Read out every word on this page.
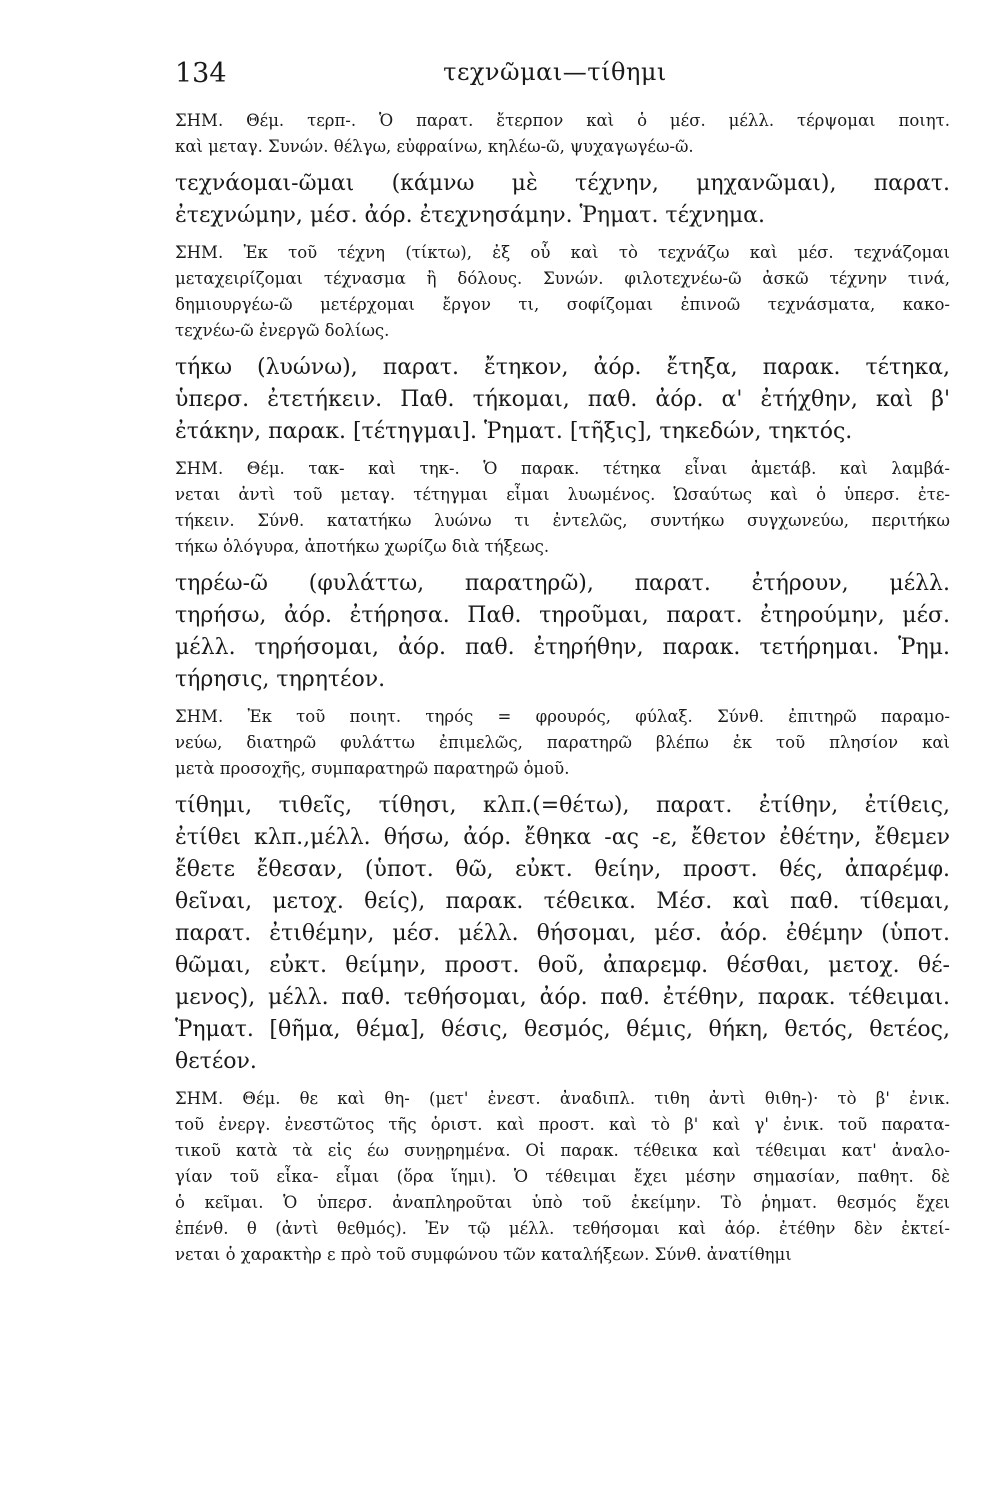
134	τεχνῶμαι—τίθημι
ΣΗΜ. Θέμ. τερπ-. Ὁ παρατ. ἔτερπον καὶ ὁ μέσ. μέλλ. τέρψομαι ποιητ.
καὶ μεταγ. Συνών. θέλγω, εὐφραίνω, κηλέω-ῶ, ψυχαγωγέω-ῶ.
τεχνάομαι-ῶμαι (κάμνω μὲ τέχνην, μηχανῶμαι), παρατ.
ἐτεχνώμην, μέσ. ἀόρ. ἐτεχνησάμην. Ῥηματ. τέχνημα.
ΣΗΜ. Ἐκ τοῦ τέχνη (τίκτω), ἐξ οὗ καὶ τὸ τεχνάζω καὶ μέσ. τεχνάζομαι
μεταχειρίζομαι τέχνασμα ἢ δόλους. Συνών. φιλοτεχνέω-ῶ ἀσκῶ τέχνην τινά,
δημιουργέω-ῶ μετέρχομαι ἔργον τι, σοφίζομαι ἐπινοῶ τεχνάσματα, κακο-
τεχνέω-ῶ ἐνεργῶ δολίως.
τήκω (λυώνω), παρατ. ἔτηκον, ἀόρ. ἔτηξα, παρακ. τέτηκα,
ὑπερσ. ἐτετήκειν. Παθ. τήκομαι, παθ. ἀόρ. α' ἐτήχθην, καὶ β'
ἐτάκην, παρακ. [τέτηγμαι]. Ῥηματ. [τῆξις], τηκεδών, τηκτός.
ΣΗΜ. Θέμ. τακ- καὶ τηκ-. Ὁ παρακ. τέτηκα εἶναι ἀμετάβ. καὶ λαμβά-
νεται ἀντὶ τοῦ μεταγ. τέτηγμαι εἶμαι λυωμένος. Ὡσαύτως καὶ ὁ ὑπερσ. ἐτε-
τήκειν. Σύνθ. κατατήκω λυώνω τι ἐντελῶς, συντήκω συγχωνεύω, περιτήκω
τήκω ὁλόγυρα, ἀποτήκω χωρίζω διὰ τήξεως.
τηρέω-ῶ (φυλάττω, παρατηρῶ), παρατ. ἐτήρουν, μέλλ.
τηρήσω, ἀόρ. ἐτήρησα. Παθ. τηροῦμαι, παρατ. ἐτηρούμην, μέσ.
μέλλ. τηρήσομαι, ἀόρ. παθ. ἐτηρήθην, παρακ. τετήρημαι. Ῥημ.
τήρησις, τηρητέον.
ΣΗΜ. Ἐκ τοῦ ποιητ. τηρός = φρουρός, φύλαξ. Σύνθ. ἐπιτηρῶ παραμο-
νεύω, διατηρῶ φυλάττω ἐπιμελῶς, παρατηρῶ βλέπω ἐκ τοῦ πλησίον καὶ
μετὰ προσοχῆς, συμπαρατηρῶ παρατηρῶ ὁμοῦ.
τίθημι, τιθεῖς, τίθησι, κλπ.(=θέτω), παρατ. ἐτίθην, ἐτίθεις,
ἐτίθει κλπ.,μέλλ. θήσω, ἀόρ. ἔθηκα -ας -ε, ἔθετον ἐθέτην, ἔθεμεν
ἔθετε ἔθεσαν, (ὑποτ. θῶ, εὐκτ. θείην, προστ. θές, ἀπαρέμφ.
θεῖναι, μετοχ. θείς), παρακ. τέθεικα. Μέσ. καὶ παθ. τίθεμαι,
παρατ. ἐτιθέμην, μέσ. μέλλ. θήσομαι, μέσ. ἀόρ. ἐθέμην (ὑποτ.
θῶμαι, εὐκτ. θείμην, προστ. θοῦ, ἀπαρεμφ. θέσθαι, μετοχ. θέ-
μενος), μέλλ. παθ. τεθήσομαι, ἀόρ. παθ. ἐτέθην, παρακ. τέθειμαι.
Ῥηματ. [θῆμα, θέμα], θέσις, θεσμός, θέμις, θήκη, θετός, θετέος,
θετέον.
ΣΗΜ. Θέμ. θε καὶ θη- (μετ' ἐνεστ. ἀναδιπλ. τιθη ἀντὶ θιθη-)· τὸ β' ἐνικ.
τοῦ ἐνεργ. ἐνεστῶτος τῆς ὁριστ. καὶ προστ. καὶ τὸ β' καὶ γ' ἐνικ. τοῦ παρατα-
τικοῦ κατὰ τὰ εἰς έω συνῃρημένα. Οἱ παρακ. τέθεικα καὶ τέθειμαι κατ' ἀναλο-
γίαν τοῦ εἶκα- εἶμαι (ὅρα ἵημι). Ὁ τέθειμαι ἔχει μέσην σημασίαν, παθητ. δὲ
ὁ κεῖμαι. Ὁ ὑπερσ. ἀναπληροῦται ὑπὸ τοῦ ἐκείμην. Τὸ ῥηματ. θεσμός ἔχει
ἐπένθ. θ (ἀντὶ θεθμός). Ἐν τῷ μέλλ. τεθήσομαι καὶ ἀόρ. ἐτέθην δὲν ἐκτεί-
νεται ὁ χαρακτὴρ ε πρὸ τοῦ συμφώνου τῶν καταλήξεων. Σύνθ. ἀνατίθημι
